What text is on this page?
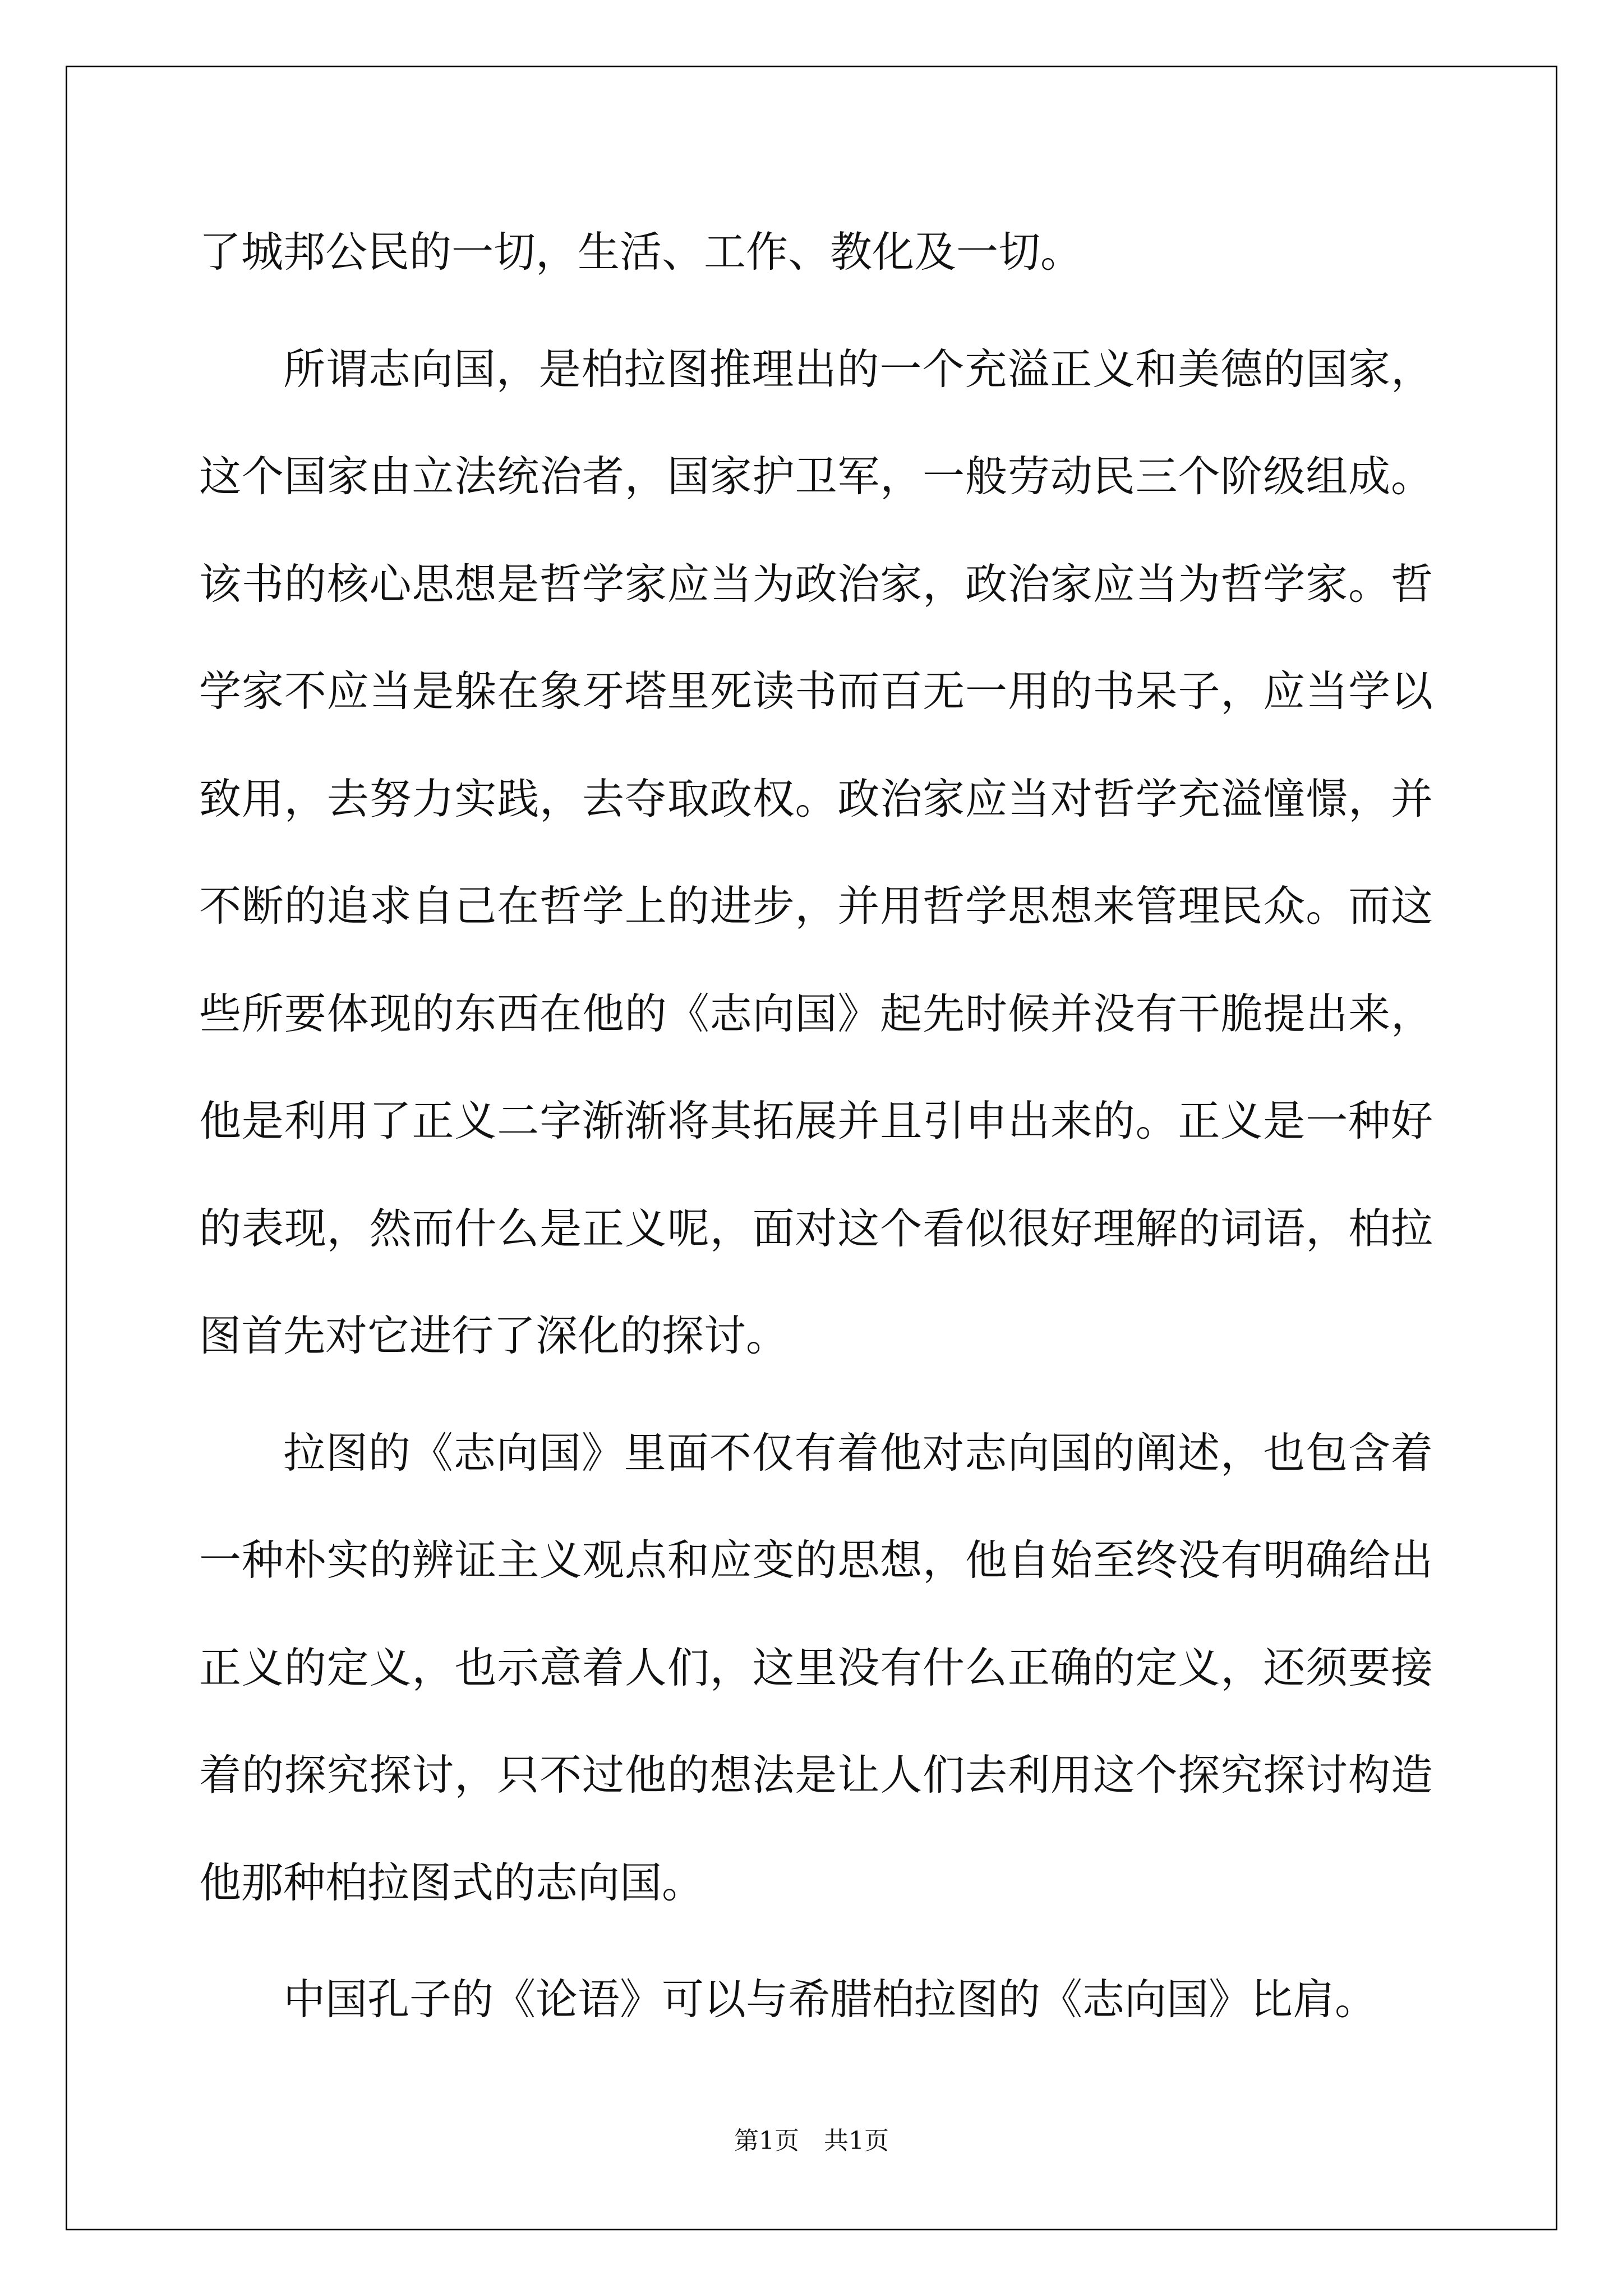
了城邦公民的一切，生活、工作、教化及一切。

所谓志向国，是柏拉图推理出的一个充溢正义和美德的国家，这个国家由立法统治者，国家护卫军，一般劳动民三个阶级组成。该书的核心思想是哲学家应当为政治家，政治家应当为哲学家。哲学家不应当是躲在象牙塔里死读书而百无一用的书呆子，应当学以致用，去努力实践，去夺取政权。政治家应当对哲学充溢憧憬，并不断的追求自己在哲学上的进步，并用哲学思想来管理民众。而这些所要体现的东西在他的《志向国》起先时候并没有干脆提出来，他是利用了正义二字渐渐将其拓展并且引申出来的。正义是一种好的表现，然而什么是正义呢，面对这个看似很好理解的词语，柏拉图首先对它进行了深化的探讨。

拉图的《志向国》里面不仅有着他对志向国的阐述，也包含着一种朴实的辨证主义观点和应变的思想，他自始至终没有明确给出正义的定义，也示意着人们，这里没有什么正确的定义，还须要接着的探究探讨，只不过他的想法是让人们去利用这个探究探讨构造他那种柏拉图式的志向国。

中国孔子的《论语》可以与希腊柏拉图的《志向国》比肩。

第1页 共1页
